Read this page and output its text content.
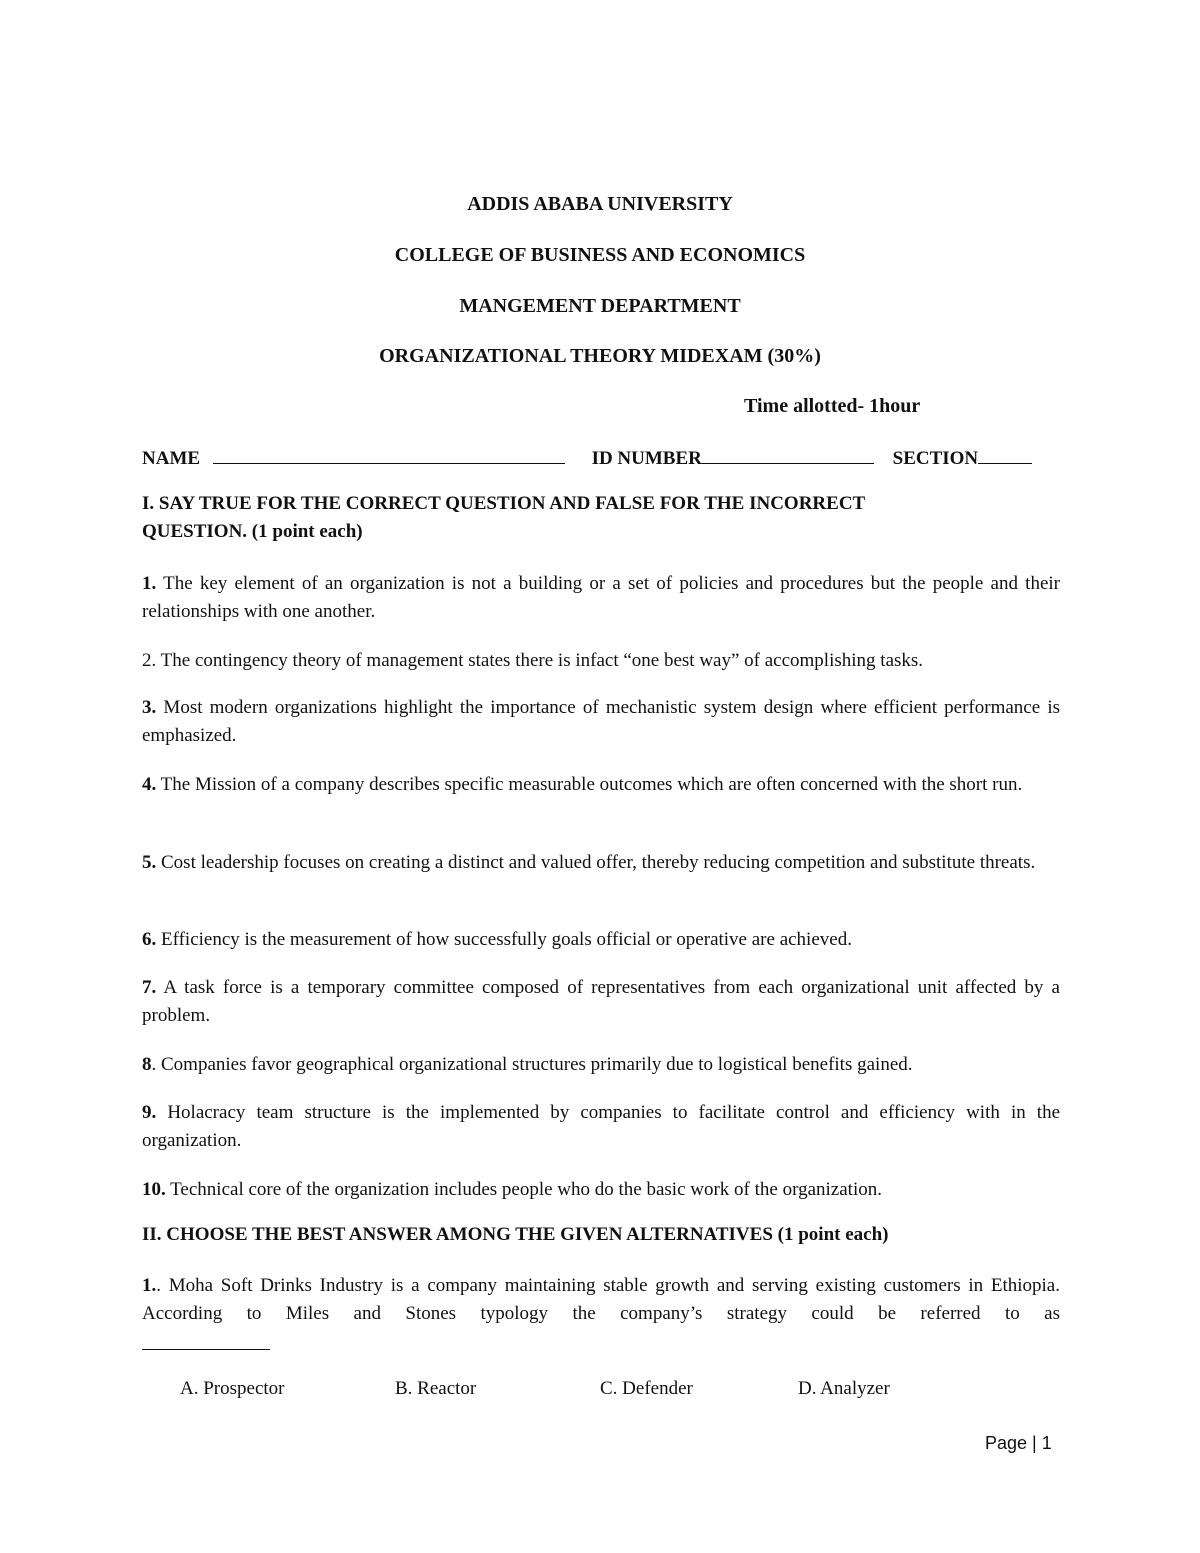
ADDIS ABABA UNIVERSITY
COLLEGE OF BUSINESS AND ECONOMICS
MANGEMENT DEPARTMENT
ORGANIZATIONAL THEORY MIDEXAM (30%)
Time allotted- 1hour
NAME	ID NUMBER	SECTION
I. SAY TRUE FOR THE CORRECT QUESTION AND FALSE FOR THE INCORRECT
QUESTION. (1 point each)
1. The key element of an organization is not a building or a set of policies and procedures but the people and their relationships with one another.
2. The contingency theory of management states there is infact “one best way” of accomplishing tasks.
3. Most modern organizations highlight the importance of mechanistic system design where efficient performance is emphasized.
4. The Mission of a company describes specific measurable outcomes which are often concerned with the short run.
5. Cost leadership focuses on creating a distinct and valued offer, thereby reducing competition and substitute threats.
6. Efficiency is the measurement of how successfully goals official or operative are achieved.
7. A task force is a temporary committee composed of representatives from each organizational unit affected by a problem.
8. Companies favor geographical organizational structures primarily due to logistical benefits gained.
9. Holacracy team structure is the implemented by companies to facilitate control and efficiency with in the organization.
10. Technical core of the organization includes people who do the basic work of the organization.
II. CHOOSE THE BEST ANSWER AMONG THE GIVEN ALTERNATIVES (1 point each)
1.. Moha Soft Drinks Industry is a company maintaining stable growth and serving existing customers in Ethiopia. According to Miles and Stones typology the company’s strategy could be referred to as
A. Prospector	B. Reactor	C. Defender	D. Analyzer
Page | 1
